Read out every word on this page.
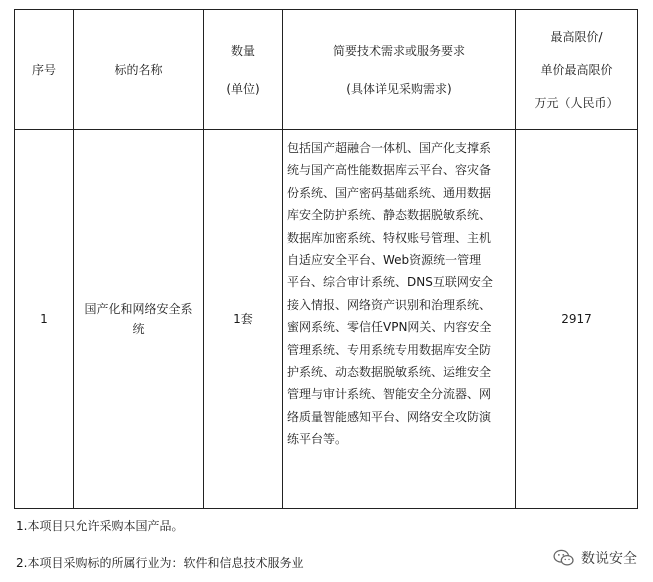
序号	标的名称
数量
(单位)
简要技术需求或服务要求
(具体详见采购需求)
最高限价/
单价最高限价
万元（人民币）
1
国产化和网络安全系
统
1套
包括国产超融合一体机、国产化支撑系
统与国产高性能数据库云平台、容灾备
份系统、国产密码基础系统、通用数据
库安全防护系统、静态数据脱敏系统、
数据库加密系统、特权账号管理、主机
自适应安全平台、Web资源统一管理
平台、综合审计系统、DNS互联网安全
接入情报、网络资产识别和治理系统、
蜜网系统、零信任VPN网关、内容安全
管理系统、专用系统专用数据库安全防
护系统、动态数据脱敏系统、运维安全
管理与审计系统、智能安全分流器、网
络质量智能感知平台、网络安全攻防演
练平台等。
2917
1.本项目只允许采购本国产品。
2.本项目采购标的所属行业为：软件和信息技术服务业	数说安全
